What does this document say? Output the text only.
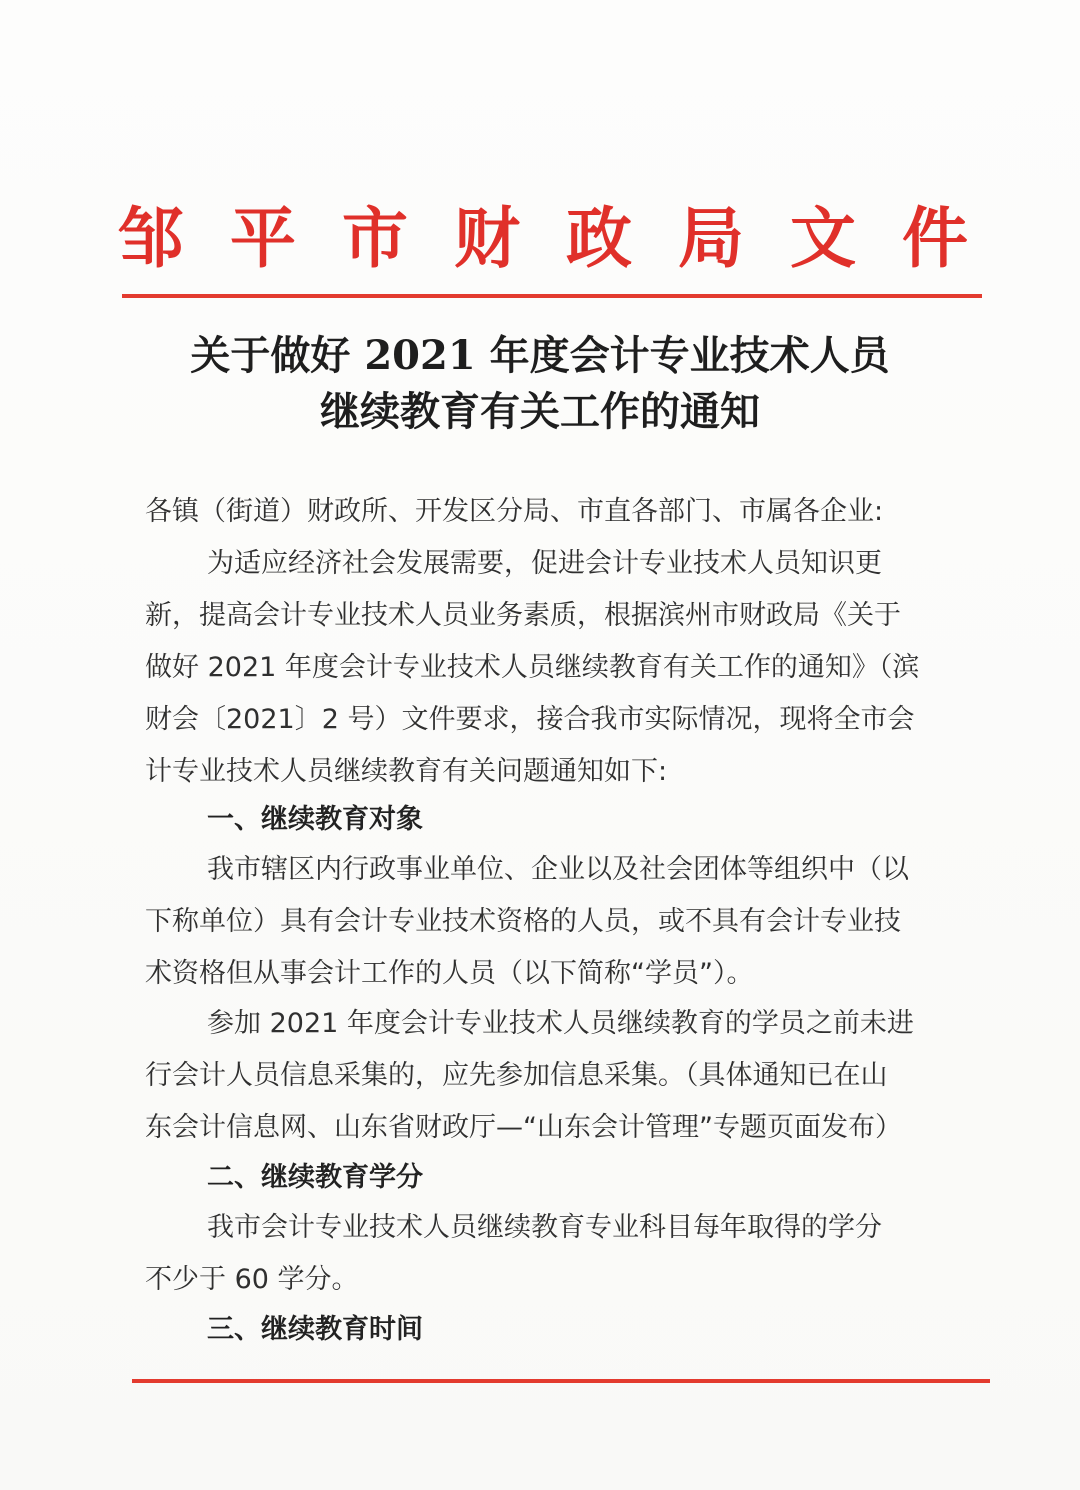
邹 平 市 财 政 局 文 件
关于做好 2021 年度会计专业技术人员
继续教育有关工作的通知
各镇（街道）财政所、开发区分局、市直各部门、市属各企业:
为适应经济社会发展需要，促进会计专业技术人员知识更
新，提高会计专业技术人员业务素质，根据滨州市财政局《关于
做好 2021 年度会计专业技术人员继续教育有关工作的通知》（滨
财会〔2021〕2 号）文件要求，接合我市实际情况，现将全市会
计专业技术人员继续教育有关问题通知如下:
一、继续教育对象
我市辖区内行政事业单位、企业以及社会团体等组织中（以
下称单位）具有会计专业技术资格的人员，或不具有会计专业技
术资格但从事会计工作的人员（以下简称“学员”）。
参加 2021 年度会计专业技术人员继续教育的学员之前未进
行会计人员信息采集的，应先参加信息采集。（具体通知已在山
东会计信息网、山东省财政厅—“山东会计管理”专题页面发布）
二、继续教育学分
我市会计专业技术人员继续教育专业科目每年取得的学分
不少于 60 学分。
三、继续教育时间
